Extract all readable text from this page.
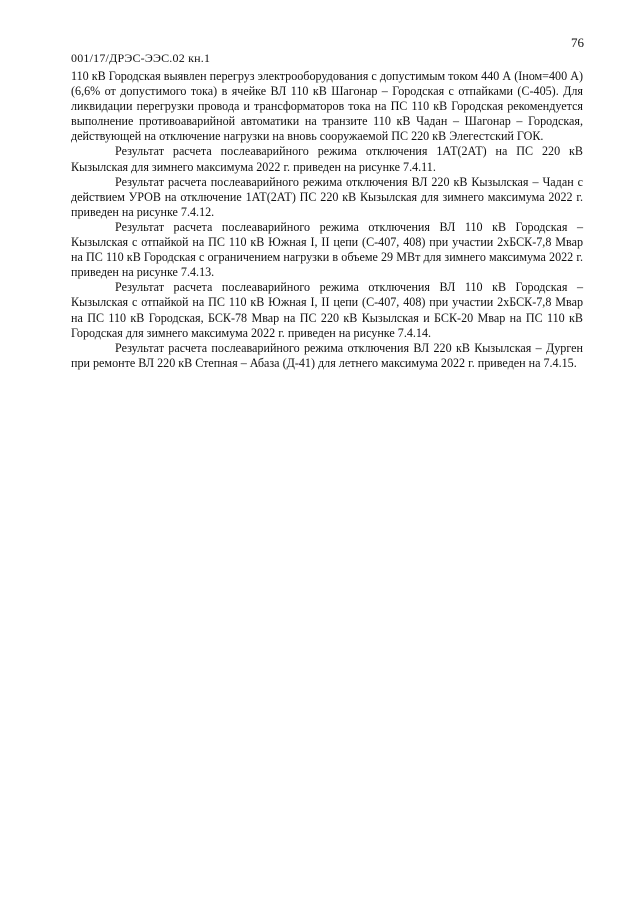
76
001/17/ДРЭС-ЭЭС.02 кн.1

110 кВ Городская выявлен перегруз электрооборудования с допустимым током 440 А (Iном=400 А) (6,6% от допустимого тока) в ячейке ВЛ 110 кВ Шагонар – Городская с отпайками (С-405). Для ликвидации перегрузки провода и трансформаторов тока на ПС 110 кВ Городская рекомендуется выполнение противоаварийной автоматики на транзите 110 кВ Чадан – Шагонар – Городская, действующей на отключение нагрузки на вновь сооружаемой ПС 220 кВ Элегестский ГОК.

Результат расчета послеаварийного режима отключения 1АТ(2АТ) на ПС 220 кВ Кызылская для зимнего максимума 2022 г. приведен на рисунке 7.4.11.

Результат расчета послеаварийного режима отключения ВЛ 220 кВ Кызылская – Чадан с действием УРОВ на отключение 1АТ(2АТ) ПС 220 кВ Кызылская для зимнего максимума 2022 г. приведен на рисунке 7.4.12.

Результат расчета послеаварийного режима отключения ВЛ 110 кВ Городская – Кызылская с отпайкой на ПС 110 кВ Южная I, II цепи (С-407, 408) при участии 2хБСК-7,8 Мвар на ПС 110 кВ Городская с ограничением нагрузки в объеме 29 МВт для зимнего максимума 2022 г. приведен на рисунке 7.4.13.

Результат расчета послеаварийного режима отключения ВЛ 110 кВ Городская – Кызылская с отпайкой на ПС 110 кВ Южная I, II цепи (С-407, 408) при участии 2хБСК-7,8 Мвар на ПС 110 кВ Городская, БСК-78 Мвар на ПС 220 кВ Кызылская и БСК-20 Мвар на ПС 110 кВ Городская для зимнего максимума 2022 г. приведен на рисунке 7.4.14.

Результат расчета послеаварийного режима отключения ВЛ 220 кВ Кызылская – Дурген при ремонте ВЛ 220 кВ Степная – Абаза (Д-41) для летнего максимума 2022 г. приведен на 7.4.15.
